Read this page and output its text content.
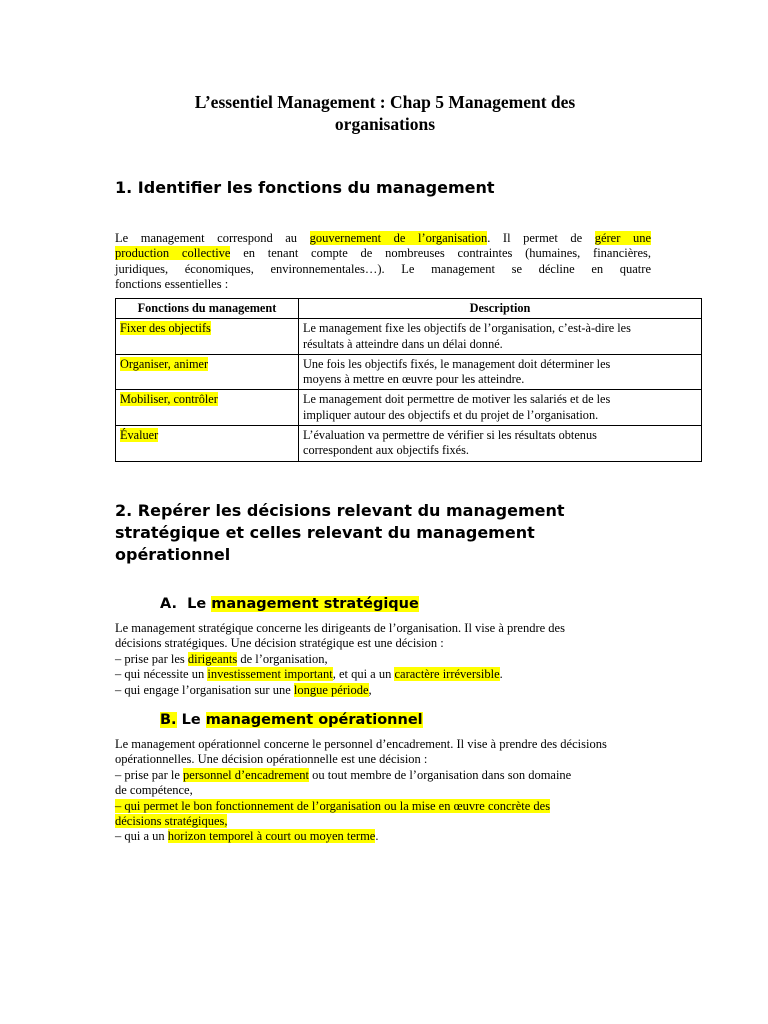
L’essentiel Management : Chap 5 Management des
organisations
1. Identifier les fonctions du management

Le management correspond au gouvernement de l’organisation. Il permet de gérer une
production collective en tenant compte de nombreuses contraintes (humaines, financières,
juridiques, économiques, environnementales…). Le management se décline en quatre
fonctions essentielles :

Fonctions du management	Description
Fixer des objectifs	Le management fixe les objectifs de l’organisation, c’est-à-dire les
résultats à atteindre dans un délai donné.

Organiser, animer	Une fois les objectifs fixés, le management doit déterminer les
moyens à mettre en œuvre pour les atteindre.

Mobiliser, contrôler	Le management doit permettre de motiver les salariés et de les
impliquer autour des objectifs et du projet de l’organisation.

Évaluer	L’évaluation va permettre de vérifier si les résultats obtenus
correspondent aux objectifs fixés.
2. Repérer les décisions relevant du management
stratégique et celles relevant du management
opérationnel
A. Le management stratégique

Le management stratégique concerne les dirigeants de l’organisation. Il vise à prendre des
décisions stratégiques. Une décision stratégique est une décision :
– prise par les dirigeants de l’organisation,
– qui nécessite un investissement important, et qui a un caractère irréversible.
– qui engage l’organisation sur une longue période,

B. Le management opérationnel

Le management opérationnel concerne le personnel d’encadrement. Il vise à prendre des décisions
opérationnelles. Une décision opérationnelle est une décision :
– prise par le personnel d’encadrement ou tout membre de l’organisation dans son domaine
de compétence,
– qui permet le bon fonctionnement de l’organisation ou la mise en œuvre concrète des
décisions stratégiques,
– qui a un horizon temporel à court ou moyen terme.
